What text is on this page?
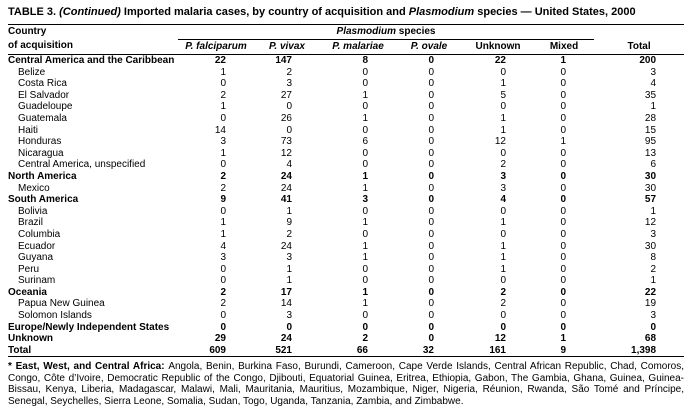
TABLE 3. (Continued) Imported malaria cases, by country of acquisition and Plasmodium species — United States, 2000
Country
of acquisition	Plasmodium species						
	P. falciparum	P. vivax	P. malariae	P. ovale	Unknown	Mixed	Total
Central America and the Caribbean	22	147	8	0	22	1	200
Belize	1	2	0	0	0	0	3
Costa Rica	0	3	0	0	1	0	4
El Salvador	2	27	1	0	5	0	35
Guadeloupe	1	0	0	0	0	0	1
Guatemala	0	26	1	0	1	0	28
Haiti	14	0	0	0	1	0	15
Honduras	3	73	6	0	12	1	95
Nicaragua	1	12	0	0	0	0	13
Central America, unspecified	0	4	0	0	2	0	6
North America	2	24	1	0	3	0	30
Mexico	2	24	1	0	3	0	30
South America	9	41	3	0	4	0	57
Bolivia	0	1	0	0	0	0	1
Brazil	1	9	1	0	1	0	12
Columbia	1	2	0	0	0	0	3
Ecuador	4	24	1	0	1	0	30
Guyana	3	3	1	0	1	0	8
Peru	0	1	0	0	1	0	2
Surinam	0	1	0	0	0	0	1
Oceania	2	17	1	0	2	0	22
Papua New Guinea	2	14	1	0	2	0	19
Solomon Islands	0	3	0	0	0	0	3
Europe/Newly Independent States	0	0	0	0	0	0	0
Unknown	29	24	2	0	12	1	68
Total	609	521	66	32	161	9	1,398
* East, West, and Central Africa: Angola, Benin, Burkina Faso, Burundi, Cameroon, Cape Verde Islands, Central African Republic, Chad, Comoros, Congo, Côte d’Ivoire, Democratic Republic of the Congo, Djibouti, Equatorial Guinea, Eritrea, Ethiopia, Gabon, The Gambia, Ghana, Guinea, Guinea-Bissau, Kenya, Liberia, Madagascar, Malawi, Mali, Mauritania, Mauritius, Mozambique, Niger, Nigeria, Réunion, Rwanda, São Tomé and Príncipe, Senegal, Seychelles, Sierra Leone, Somalia, Sudan, Togo, Uganda, Tanzania, Zambia, and Zimbabwe.
